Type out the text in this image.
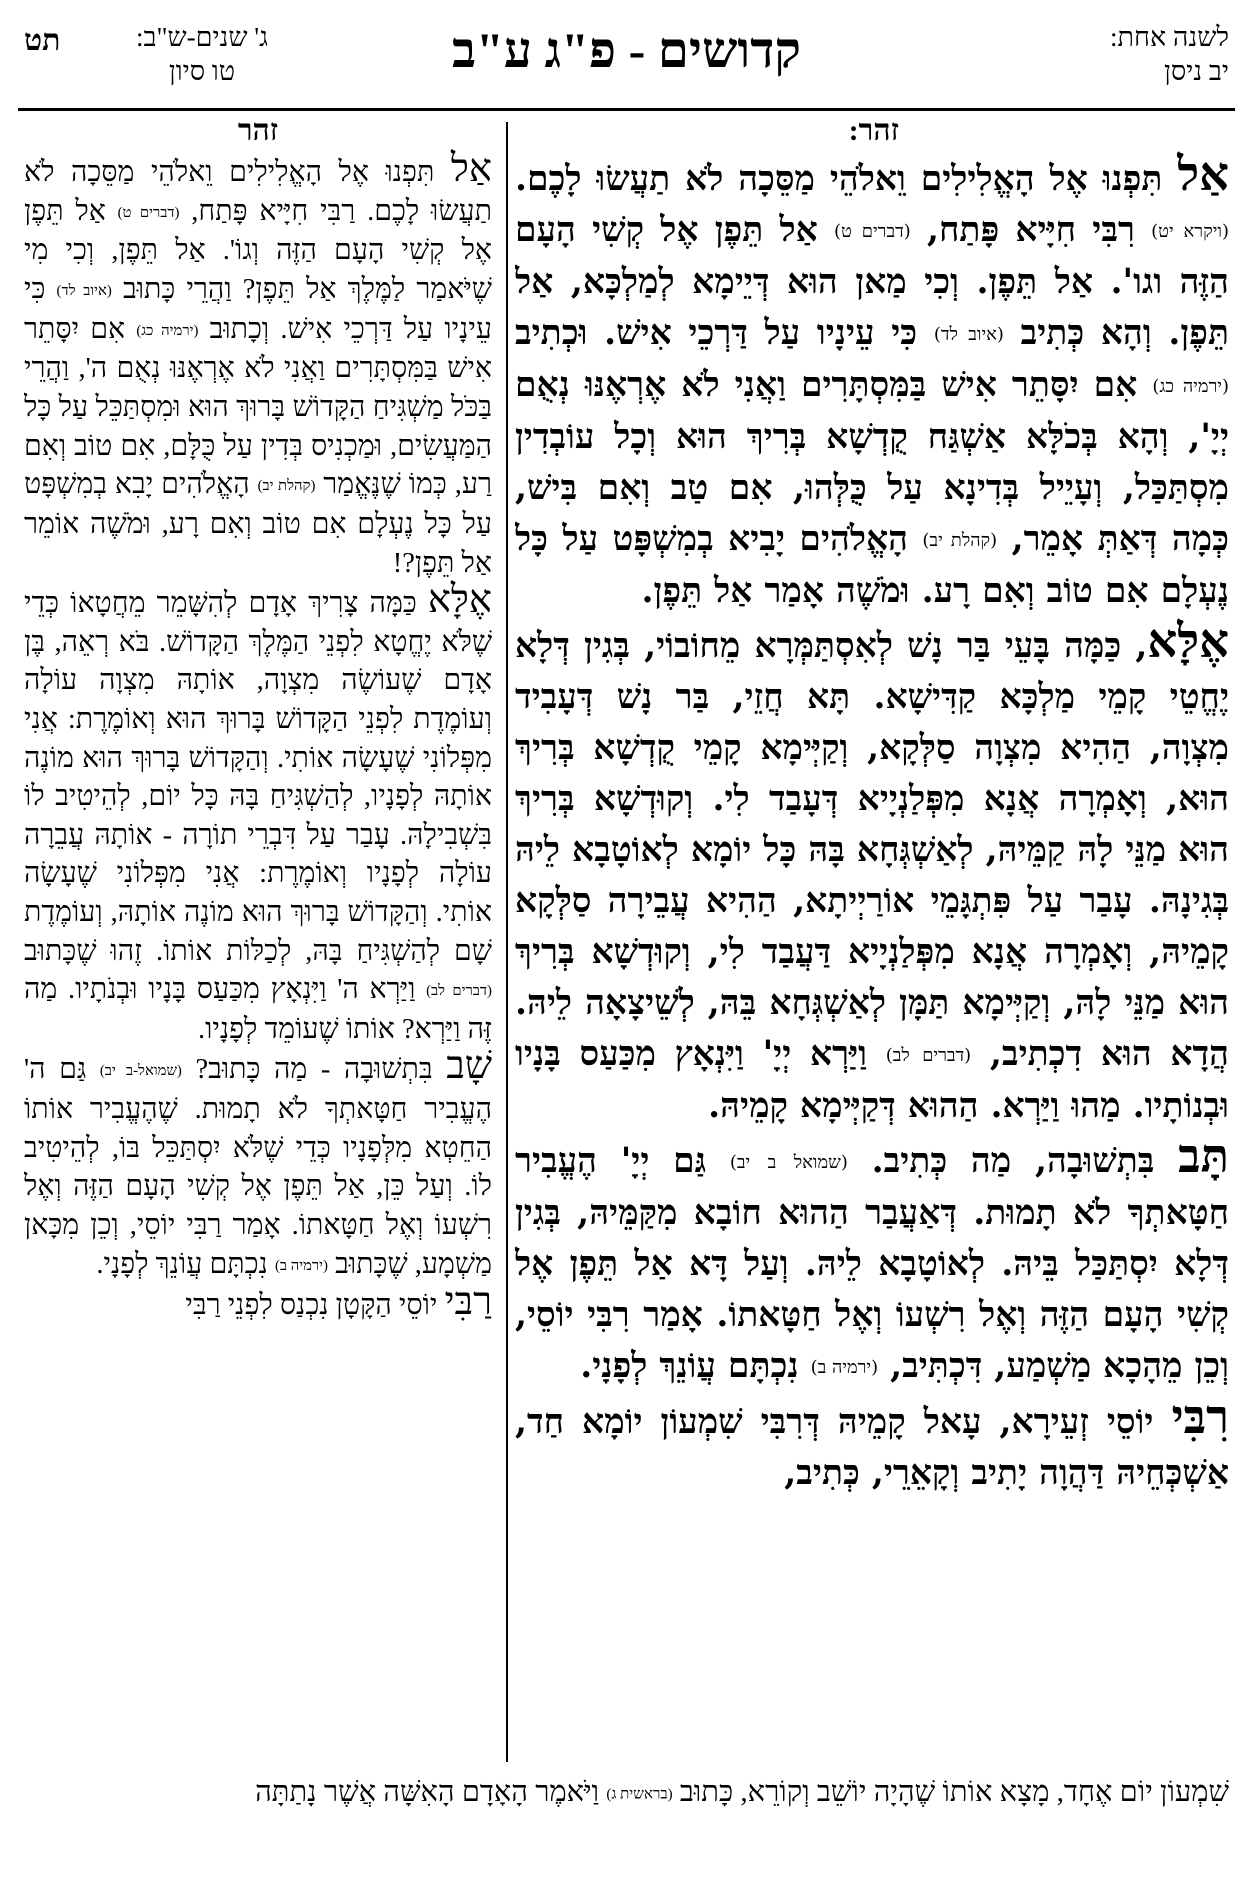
לשנה אחת:
יב ניסן
קדושים - פ"ג ע"ב
ג' שנים-ש"ב:
טו סיון
תט
זהר:

אַל תִּפְנוּ אֶל הָאֱלִילִים וֵאלֹהֵי מַסֵּכָה לֹא תַעֲשׂוּ לָכֶם. (ויקרא יט) רִבִּי חִיָּיא פָּתַח, (דברים ט) אַל תֵּפֶן אֶל קְשִׁי הָעָם הַזֶּה וגו'. אַל תֵּפֶן. וְכִי מַאן הוּא דְּיֵימָא לְמַלְכָּא, אַל תֵּפֶן. וְהָא כְּתִיב (איוב לד) כִּי עֵינָיו עַל דַּרְכֵי אִישׁ. וּכְתִיב (ירמיה כג) אִם יִסָּתֵר אִישׁ בַּמִּסְתָּרִים וַאֲנִי לֹא אֶרְאֶנּוּ נְאֻם יְיָ', וְהָא בְּכֹלָּא אַשְׁגַּח קֻדְשָׁא בְּרִיךְ הוּא וְכָל עוֹבְדִין מִסְתַּכַּל, וְעָיֵיל בְּדִינָא עַל כֻּלְּהוּ, אִם טַב וְאִם בִּישׁ, כְּמָה דְּאַתְּ אָמֵר, (קהלת יב) הָאֱלֹהִים יָבִיא בְמִשְׁפָּט עַל כָּל נֶעְלָם אִם טוֹב וְאִם רָע. וּמֹשֶׁה אָמַר אַל תֵּפֶן.

אֶלָּא, כַּמָּה בָּעֵי בַּר נָשׁ לְאִסְתַּמְּרָא מֵחוֹבוֹי, בְּגִין דְּלָא יֶחֱטֵי קָמֵי מַלְכָּא קַדִּישָׁא. תָּא חֲזֵי, בַּר נָשׁ דְּעָבִיד מִצְוָה, הַהִיא מִצְוָה סַלְּקָא, וְקַיְּימָא קָמֵי קֻדְשָׁא בְּרִיךְ הוּא, וְאָמְרָה אֲנָא מִפְּלַנְיָיא דְּעָבַד לִי. וְקוּדְשָׁא בְּרִיךְ הוּא מַנֵּי לָהּ קַמֵּיהּ, לְאַשְׁגְּחָא בָּהּ כָּל יוֹמָא לְאוֹטָבָא לֵיהּ בְּגִינָהּ. עָבַר עַל פִּתְגָּמֵי אוֹרַיְיתָא, הַהִיא עֲבֵירָה סַלְּקָא קָמֵיהּ, וְאָמְרָה אֲנָא מִפְּלַנְיָיא דַּעֲבַד לִי, וְקוּדְשָׁא בְּרִיךְ הוּא מַנֵּי לָהּ, וְקַיְּימָא תַּמָּן לְאַשְׁגְּחָא בֵּהּ, לְשֵׁיצָאָה לֵיהּ. הֲדָא הוּא דִכְתִיב, (דברים לב) וַיַּרְא יְיָ' וַיִּנְאָץ מִכַּעַס בָּנָיו וּבְנוֹתָיו. מַהוּ וַיַּרְא. הַהוּא דְּקַיְּימָא קָמֵיהּ.

תָּב בִּתְשׁוּבָה, מַה כְּתִיב. (שמואל ב יב) גַּם יְיָ' הֶעֱבִיר חַטָּאתְךָ לֹא תָמוּת. דְּאַעֲבַר הַהוּא חוֹבָא מִקַּמֵּיהּ, בְּגִין דְּלָא יִסְתַּכַּל בֵּיהּ. לְאוֹטָבָא לֵיהּ. וְעַל דָּא אַל תֵּפֶן אֶל קְשִׁי הָעָם הַזֶּה וְאֶל רִשְׁעוֹ וְאֶל חַטָּאתוֹ. אָמַר רִבִּי יוֹסֵי, וְכֵן מֵהָכָא מַשְׁמַע, דִּכְתִּיב, (ירמיה ב) נִכְתָּם עֲוֹנֵךְ לְפָנָי.

רִבִּי יוֹסֵי זְעֵירָא, עָאל קָמֵיהּ דְּרִבִּי שִׁמְעוֹן יוֹמָא חַד, אַשְׁכְּחֵיהּ דַּהֲוָה יָתִיב וְקָאֵרֵי, כְּתִיב,

זהר

אַל תִּפְנוּ אֶל הָאֱלִילִים וֵאלֹהֵי מַסֵּכָה לֹא תַעֲשׂוּ לָכֶם. רַבִּי חִיָּיא פָּתַח, (דברים ט) אַל תֵּפֶן אֶל קְשִׁי הָעָם הַזֶּה וְגוֹ'. אַל תֵּפֶן, וְכִי מִי שֶׁיֹּאמַר לַמֶּלֶךְ אַל תֵּפֶן? וַהֲרֵי כָּתוּב (איוב לד) כִּי עֵינָיו עַל דַּרְכֵי אִישׁ. וְכָתוּב (ירמיה כג) אִם יִסָּתֵר אִישׁ בַּמִּסְתָּרִים וַאֲנִי לֹא אֶרְאֶנּוּ נְאֻם ה', וַהֲרֵי בַּכֹּל מַשְׁגִּיחַ הַקָּדוֹשׁ בָּרוּךְ הוּא וּמִסְתַּכֵּל עַל כָּל הַמַּעֲשִׂים, וּמַכְנִיס בְּדִין עַל כֻּלָּם, אִם טוֹב וְאִם רַע, כְּמוֹ שֶׁנֶּאֱמַר (קהלת יב) הָאֱלֹהִים יָבִא בְמִשְׁפָּט עַל כָּל נֶעְלָם אִם טוֹב וְאִם רָע, וּמֹשֶׁה אוֹמֵר אַל תֵּפֶן?!

אֶלָּא כַּמָּה צָרִיךְ אָדָם לְהִשָּׁמֵר מֵחֲטָאוֹ כְּדֵי שֶׁלֹּא יֶחֱטָא לִפְנֵי הַמֶּלֶךְ הַקָּדוֹשׁ. בֹּא רְאֵה, בֶּן אָדָם שֶׁעוֹשֶׂה מִצְוָה, אוֹתָהּ מִצְוָה עוֹלָה וְעוֹמֶדֶת לִפְנֵי הַקָּדוֹשׁ בָּרוּךְ הוּא וְאוֹמֶרֶת: אֲנִי מִפְּלוֹנִי שֶׁעָשָׂה אוֹתִי. וְהַקָּדוֹשׁ בָּרוּךְ הוּא מוֹנֶה אוֹתָהּ לְפָנָיו, לְהַשְׁגִּיחַ בָּהּ כָּל יוֹם, לְהֵיטִיב לוֹ בִּשְׁבִילָהּ. עָבַר עַל דִּבְרֵי תוֹרָה - אוֹתָהּ עֲבֵרָה עוֹלָה לְפָנָיו וְאוֹמֶרֶת: אֲנִי מִפְּלוֹנִי שֶׁעָשָׂה אוֹתִי. וְהַקָּדוֹשׁ בָּרוּךְ הוּא מוֹנֶה אוֹתָהּ, וְעוֹמֶדֶת שָׁם לְהַשְׁגִּיחַ בָּהּ, לְכַלּוֹת אוֹתוֹ. זֶהוּ שֶׁכָּתוּב (דברים לב) וַיַּרְא ה' וַיִּנְאָץ מִכַּעַס בָּנָיו וּבְנֹתָיו. מַה זֶּה וַיַּרְא? אוֹתוֹ שֶׁעוֹמֵד לְפָנָיו.

שָׁב בִּתְשׁוּבָה - מַה כָּתוּב? (שמואל-ב יב) גַּם ה' הֶעֱבִיר חַטָּאתְךָ לֹא תָמוּת. שֶׁהֶעֱבִיר אוֹתוֹ הַחֵטְא מִלְּפָנָיו כְּדֵי שֶׁלֹּא יִסְתַּכֵּל בּוֹ, לְהֵיטִיב לוֹ. וְעַל כֵּן, אַל תֵּפֶן אֶל קְשִׁי הָעָם הַזֶּה וְאֶל רִשְׁעוֹ וְאֶל חַטָּאתוֹ. אָמַר רַבִּי יוֹסֵי, וְכֵן מִכָּאן מַשְׁמָע, שֶׁכָּתוּב (ירמיה ב) נִכְתָּם עֲוֹנֵךְ לְפָנָי.

רַבִּי יוֹסֵי הַקָּטָן נִכְנַס לִפְנֵי רַבִּי

שִׁמְעוֹן יוֹם אֶחָד, מָצָא אוֹתוֹ שֶׁהָיָה יוֹשֵׁב וְקוֹרֵא, כָּתוּב (בראשית ג) וַיֹּאמֶר הָאָדָם הָאִשָּׁה אֲשֶׁר נָתַתָּה
